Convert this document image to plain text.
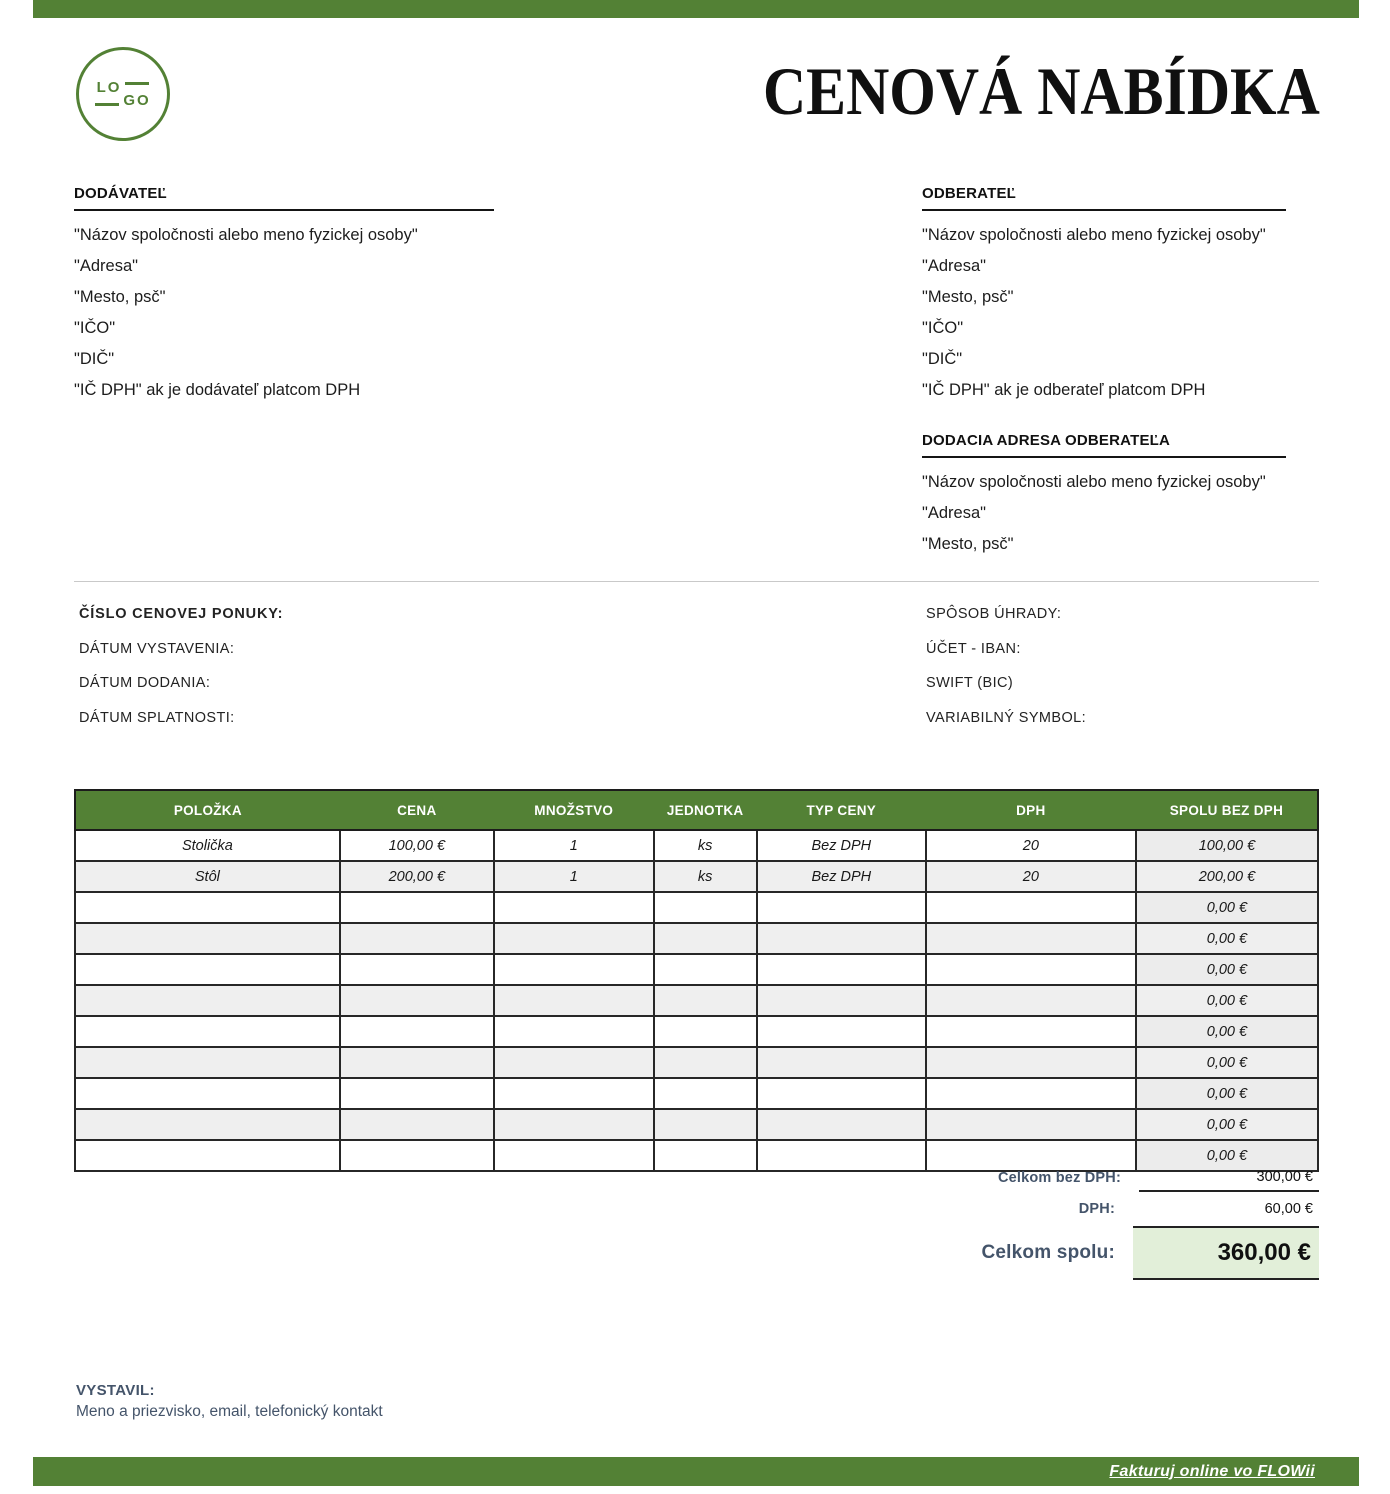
LO
GO	CENOVÁ NABÍDKA
DODÁVATEĽ
"Názov spoločnosti alebo meno fyzickej osoby"
"Adresa"
"Mesto, psč"
"IČO"
"DIČ"
"IČ DPH" ak je dodávateľ platcom DPH
ODBERATEĽ
"Názov spoločnosti alebo meno fyzickej osoby"
"Adresa"
"Mesto, psč"
"IČO"
"DIČ"
"IČ DPH" ak je odberateľ platcom DPH
DODACIA ADRESA ODBERATEĽA
"Názov spoločnosti alebo meno fyzickej osoby"
"Adresa"
"Mesto, psč"
ČÍSLO CENOVEJ PONUKY:
DÁTUM VYSTAVENIA:
DÁTUM DODANIA:
DÁTUM SPLATNOSTI:
SPÔSOB ÚHRADY:
ÚČET - IBAN:
SWIFT (BIC)
VARIABILNÝ SYMBOL:
POLOŽKA	CENA	MNOŽSTVO	JEDNOTKA	TYP CENY	DPH	SPOLU BEZ DPH
Stolička	100,00 €	1	ks	Bez DPH	20	100,00 €
Stôl	200,00 €	1	ks	Bez DPH	20	200,00 €
						0,00 €
						0,00 €
						0,00 €
						0,00 €
						0,00 €
						0,00 €
						0,00 €
						0,00 €
						0,00 €
Celkom bez DPH:	300,00 €
DPH:	60,00 €
Celkom spolu:	360,00 €
VYSTAVIL:
Meno a priezvisko, email, telefonický kontakt
Fakturuj online vo FLOWii
